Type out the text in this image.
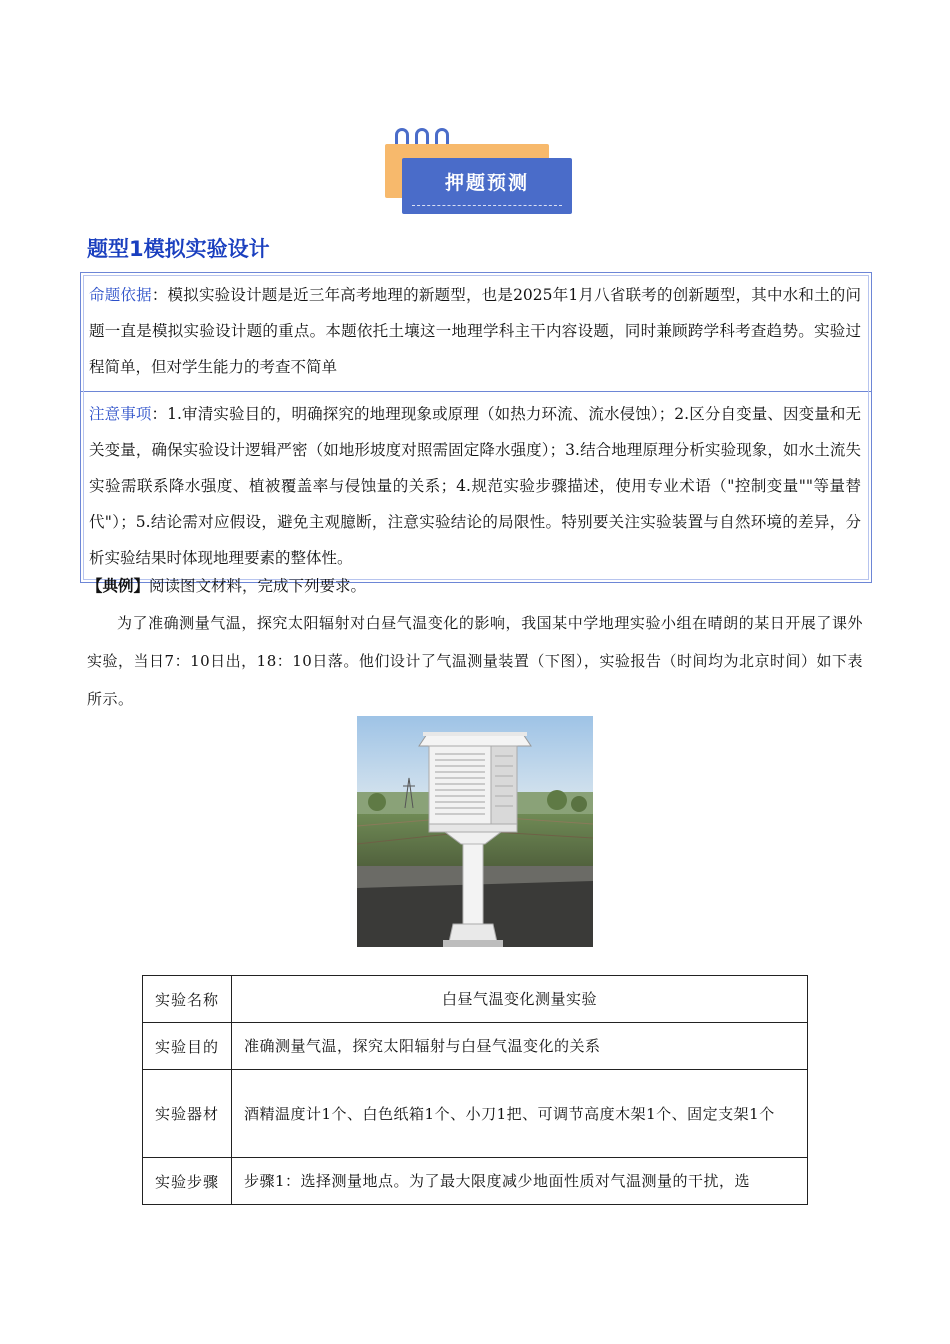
押题预测
题型1模拟实验设计
命题依据：模拟实验设计题是近三年高考地理的新题型，也是2025年1月八省联考的创新题型，其中水和土的问题一直是模拟实验设计题的重点。本题依托土壤这一地理学科主干内容设题，同时兼顾跨学科考查趋势。实验过程简单，但对学生能力的考查不简单
注意事项：1.审清实验目的，明确探究的地理现象或原理（如热力环流、流水侵蚀）；2.区分自变量、因变量和无关变量，确保实验设计逻辑严密（如地形坡度对照需固定降水强度）；3.结合地理原理分析实验现象，如水土流失实验需联系降水强度、植被覆盖率与侵蚀量的关系；4.规范实验步骤描述，使用专业术语（"控制变量""等量替代"）；5.结论需对应假设，避免主观臆断，注意实验结论的局限性。特别要关注实验装置与自然环境的差异，分析实验结果时体现地理要素的整体性。
【典例】阅读图文材料，完成下列要求。
为了准确测量气温，探究太阳辐射对白昼气温变化的影响，我国某中学地理实验小组在晴朗的某日开展了课外实验，当日7：10日出，18：10日落。他们设计了气温测量装置（下图），实验报告（时间均为北京时间）如下表所示。
实验名称	白昼气温变化测量实验
实验目的	准确测量气温，探究太阳辐射与白昼气温变化的关系
实验器材	酒精温度计1个、白色纸箱1个、小刀1把、可调节高度木架1个、固定支架1个
实验步骤	步骤1：选择测量地点。为了最大限度减少地面性质对气温测量的干扰，选
